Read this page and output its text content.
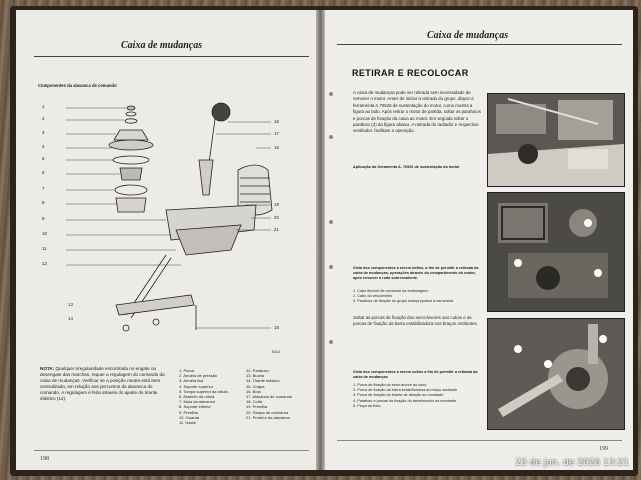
Caixa de mudanças
Componentes da alavanca de comando
1
2
3
4
5
6
7
8
9
10
11
12
13
14
18
17
16
19
20
21
15
5410
NOTA: Qualquer irregularidade encontrada no engate ou desengate das marchas, requer a regulagem do comando da caixa de mudanças. Verificar se a posição neutra está bem centralizada, em relação aos percursos da alavanca de comando. A regulagem é feita através do ajuste do tirante elástico (14).
1. Porca
2. Arruela de pressão
3. Arruela lisa
4. Suporte superior
5. Tampa superior da rótula
6. Assento da rótula
7. Mola da alavanca
8. Suporte inferior
9. Presilha
10. Guarda
11. Haste
12. Parafuso
13. Bucha
14. Tirante elástico
15. Chapa
16. Bola
17. Alavanca de comando
18. Coifa
19. Presilha
20. Tampa de cobertura
21. Protetor da alavanca
198
Caixa de mudanças
RETIRAR E RECOLOCAR
A caixa de mudanças pode ser retirada sem necessidade de remover o motor. Antes de iniciar a retirada do grupo, dispor a ferramenta A.70526 de sustentação do motor, como mostra a figura ao lado. Após retirar o motor de partida, soltar os parafusos e porcas de fixação da caixa ao motor. Em seguida soltar o parafuso (3) da figura abaixo. A retirada do radiador e respectivo ventilador, facilitam a operação.
Aplicação da ferramenta A. 70526 de sustentação do motor
Vista dos componentes a serem soltos, a fim de permitir a retirada da caixa de mudanças, operações através do compartimento do motor, após remover a roda sobressalente.
1. Cabo flexível de comando da embreagem
2. Cabo do velocímetro
3. Parafuso de fixação do grupo motopropulsor à carroceria
Soltar as porcas de fixação dos semi-árvores aos cubos e as porcas de fixação da barra estabilizadora nos braços oscilantes.
Vista dos componentes a serem soltos a fim de permitir a retirada da caixa de mudanças
1. Porca de fixação do semi-árvore ao cubo
2. Porca de fixação da barra estabilizadora ao braço oscilante
3. Porca de fixação do tirante de direção ao montante
4. Parafuso e porcas de fixação do amortecedor ao montante
5. Pinça do freio
199
23 de jan. de 2026 13:21
